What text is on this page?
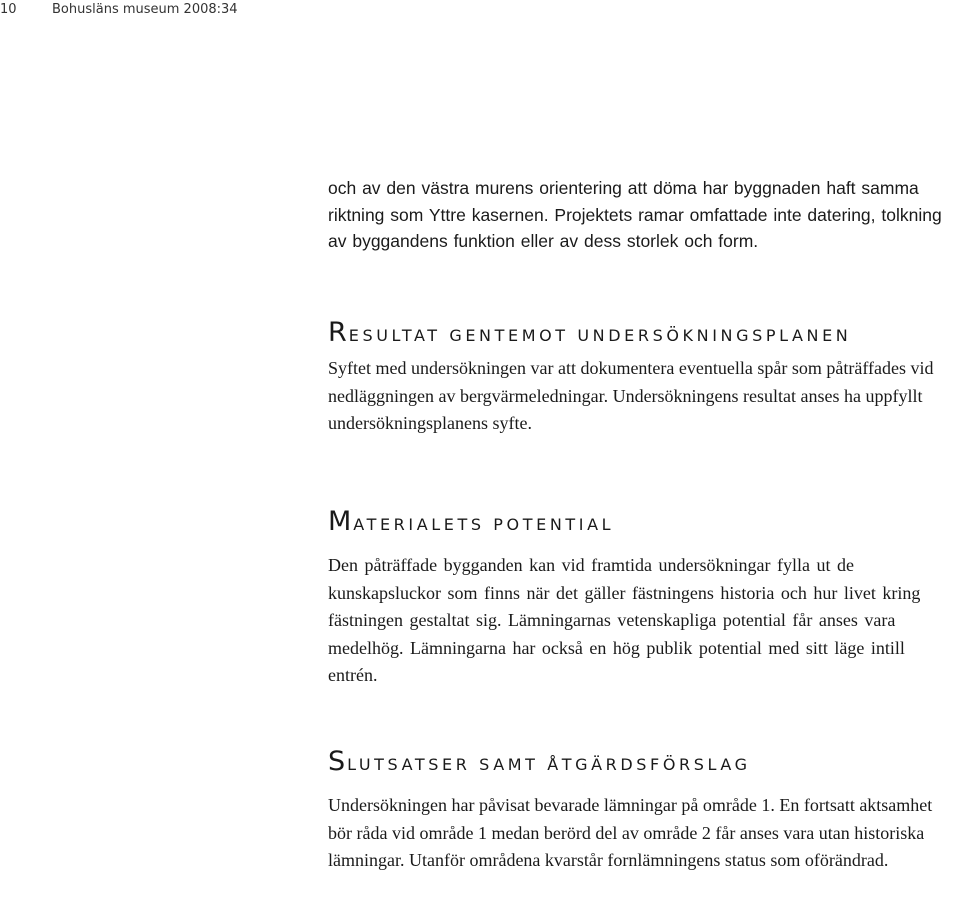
10	Bohusläns museum 2008:34

och av den västra murens orientering att döma har byggnaden haft samma riktning som Yttre kasernen. Projektets ramar omfattade inte datering, tolkning av byggandens funktion eller av dess storlek och form.

RESULTAT GENTEMOT UNDERSÖKNINGSPLANEN

Syftet med undersökningen var att dokumentera eventuella spår som påträffades vid nedläggningen av bergvärmeledningar. Undersökningens resultat anses ha uppfyllt undersökningsplanens syfte.

MATERIALETS POTENTIAL

Den påträffade bygganden kan vid framtida undersökningar fylla ut de kunskapsluckor som finns när det gäller fästningens historia och hur livet kring fästningen gestaltat sig. Lämningarnas vetenskapliga potential får anses vara medelhög. Lämningarna har också en hög publik potential med sitt läge intill entrén.

SLUTSATSER SAMT ÅTGÄRDSFÖRSLAG

Undersökningen har påvisat bevarade lämningar på område 1. En fortsatt aktsamhet bör råda vid område 1 medan berörd del av område 2 får anses vara utan historiska lämningar. Utanför områdena kvarstår fornlämningens status som oförändrad.
